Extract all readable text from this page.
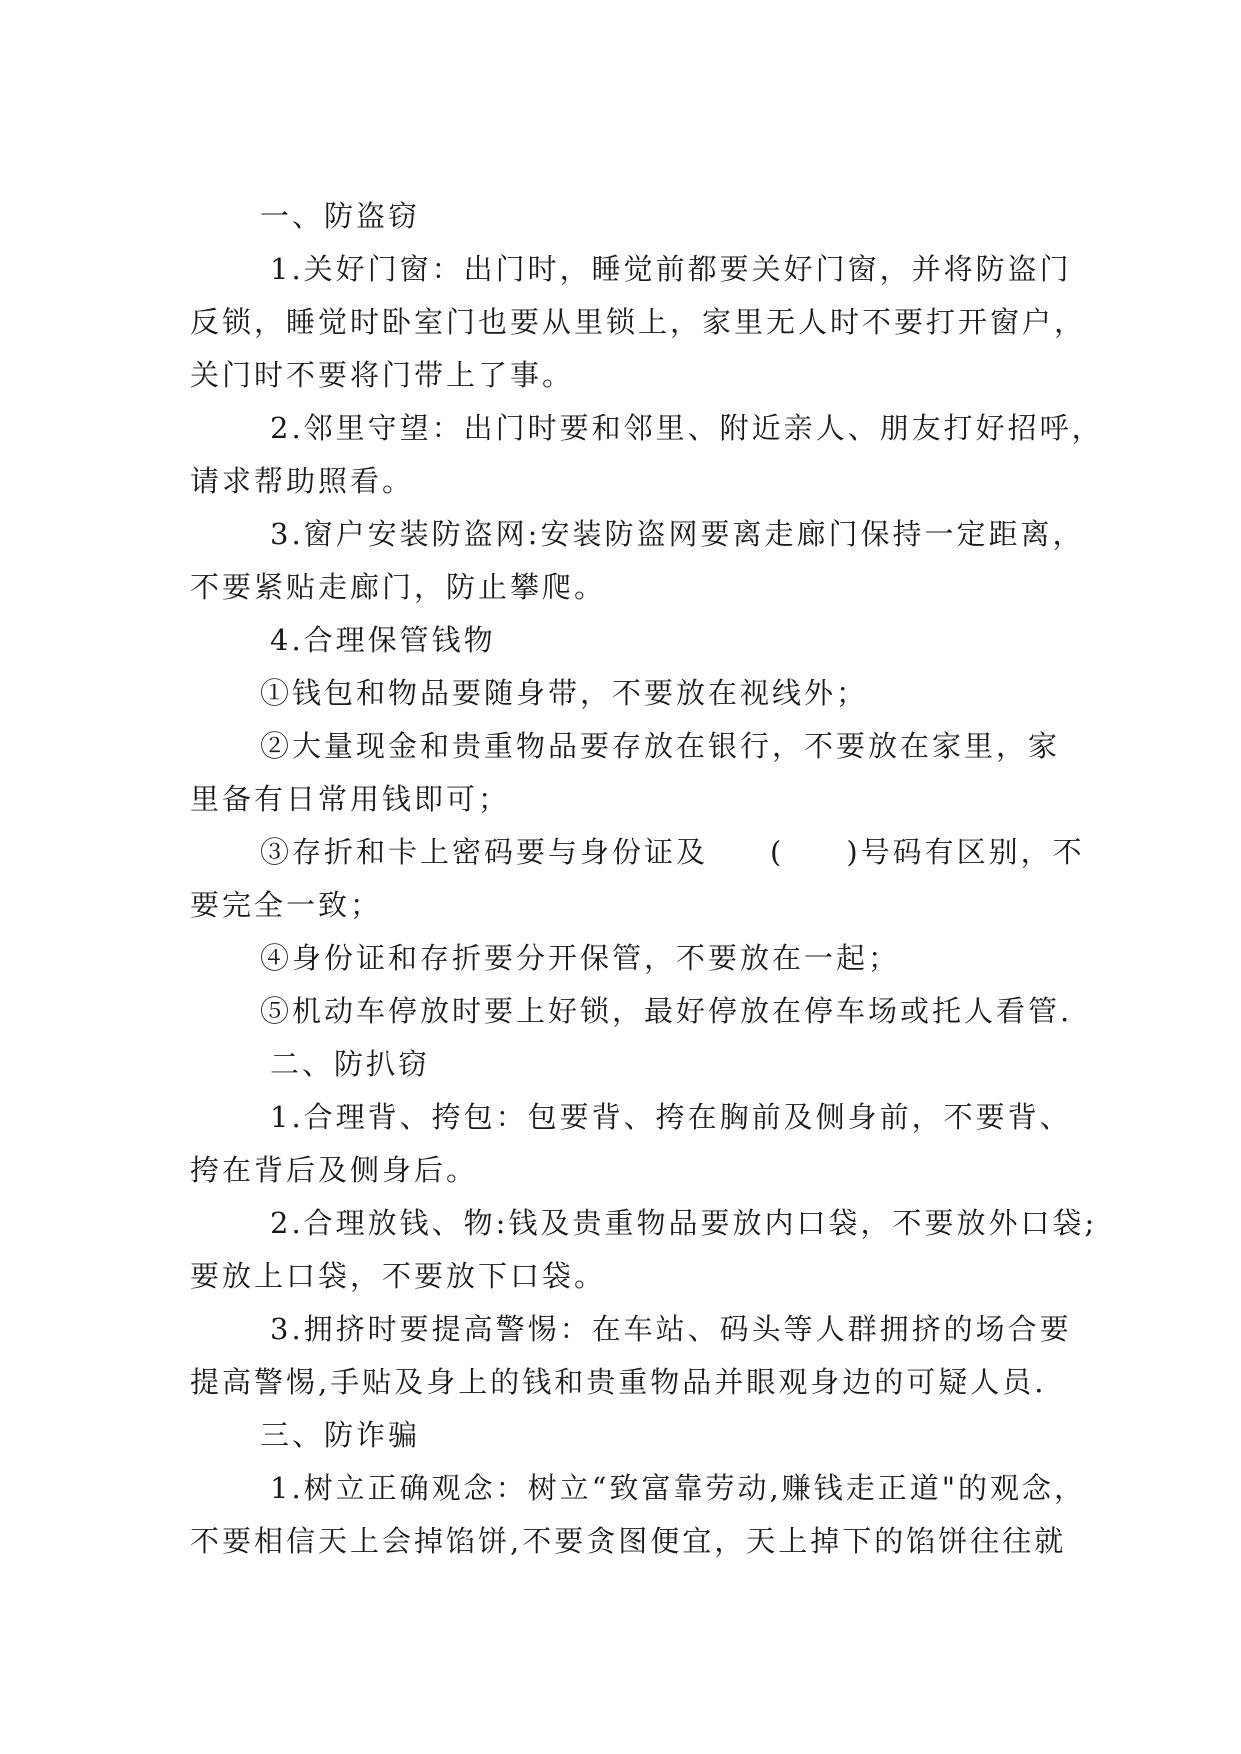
一、防盗窃
1.关好门窗：出门时，睡觉前都要关好门窗，并将防盗门
反锁，睡觉时卧室门也要从里锁上，家里无人时不要打开窗户，
关门时不要将门带上了事。
2.邻里守望：出门时要和邻里、附近亲人、朋友打好招呼，
请求帮助照看。
3.窗户安装防盗网:安装防盗网要离走廊门保持一定距离，
不要紧贴走廊门，防止攀爬。
4.合理保管钱物
①钱包和物品要随身带，不要放在视线外；
②大量现金和贵重物品要存放在银行，不要放在家里，家
里备有日常用钱即可；
③存折和卡上密码要与身份证及 ( )号码有区别，不
要完全一致；
④身份证和存折要分开保管，不要放在一起；
⑤机动车停放时要上好锁，最好停放在停车场或托人看管.
二、防扒窃
1.合理背、挎包：包要背、挎在胸前及侧身前，不要背、
挎在背后及侧身后。
2.合理放钱、物:钱及贵重物品要放内口袋，不要放外口袋;
要放上口袋，不要放下口袋。
3.拥挤时要提高警惕：在车站、码头等人群拥挤的场合要
提高警惕,手贴及身上的钱和贵重物品并眼观身边的可疑人员.
三、防诈骗
1.树立正确观念：树立“致富靠劳动,赚钱走正道"的观念，
不要相信天上会掉馅饼,不要贪图便宜，天上掉下的馅饼往往就
